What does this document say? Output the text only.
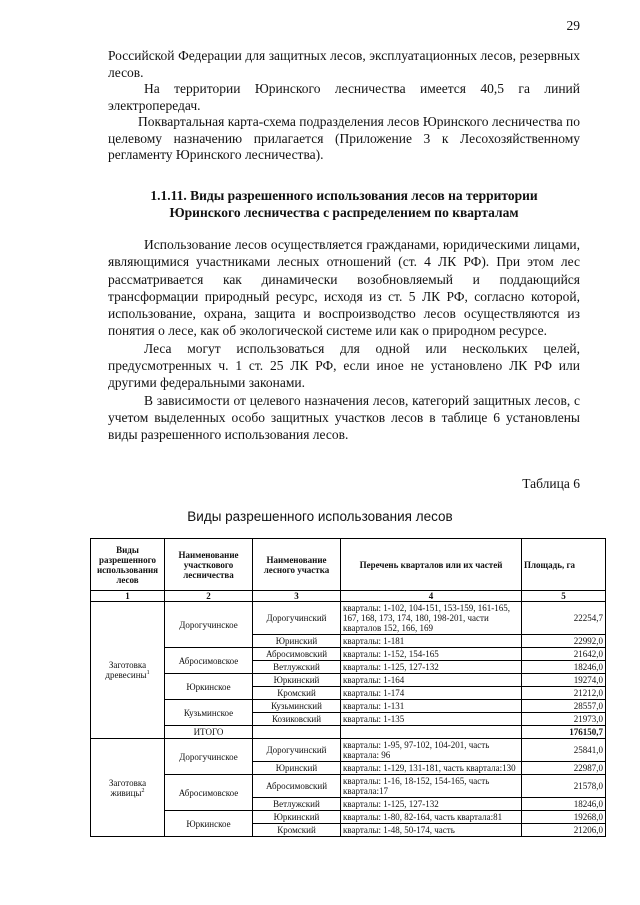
29

Российской Федерации для защитных лесов, эксплуатационных лесов, резервных лесов.

На территории Юринского лесничества имеется 40,5 га линий электропередач.

Поквартальная карта-схема подразделения лесов Юринского лесничества по целевому назначению прилагается (Приложение 3 к Лесохозяйственному регламенту Юринского лесничества).

1.1.11. Виды разрешенного использования лесов на территории
Юринского лесничества с распределением по кварталам

Использование лесов осуществляется гражданами, юридическими лицами, являющимися участниками лесных отношений (ст. 4 ЛК РФ). При этом лес рассматривается как динамически возобновляемый и поддающийся трансформации природный ресурс, исходя из ст. 5 ЛК РФ, согласно которой, использование, охрана, защита и воспроизводство лесов осуществляются из понятия о лесе, как об экологической системе или как о природном ресурсе.

Леса могут использоваться для одной или нескольких целей, предусмотренных ч. 1 ст. 25 ЛК РФ, если иное не установлено ЛК РФ или другими федеральными законами.

В зависимости от целевого назначения лесов, категорий защитных лесов, с учетом выделенных особо защитных участков лесов в таблице 6 установлены виды разрешенного использования лесов.

Таблица 6
Виды разрешенного использования лесов
Виды разрешенного использования лесов	Наименование участкового лесничества	Наименование лесного участка	Перечень кварталов или их частей	Площадь, га
1	2	3	4	5
Заготовка древесины$^1$	Дорогучинское	Дорогучинский	кварталы: 1-102, 104-151, 153-159, 161-165, 167, 168, 173, 174, 180, 198-201, части кварталов 152, 166, 169	22254,7
		Юринский	кварталы: 1-181	22992,0
	Абросимовское	Абросимовский	кварталы: 1-152, 154-165	21642,0
		Ветлужский	кварталы: 1-125, 127-132	18246,0
	Юркинское	Юркинский	кварталы: 1-164	19274,0
		Кромский	кварталы: 1-174	21212,0
	Кузьминское	Кузьминский	кварталы: 1-131	28557,0
		Козиковский	кварталы: 1-135	21973,0
	ИТОГО			176150,7
Заготовка живицы$^2$	Дорогучинское	Дорогучинский	кварталы: 1-95, 97-102, 104-201, часть квартала: 96	25841,0
		Юринский	кварталы: 1-129, 131-181, часть квартала:130	22987,0
	Абросимовское	Абросимовский	кварталы: 1-16, 18-152, 154-165, часть квартала:17	21578,0
		Ветлужский	кварталы: 1-125, 127-132	18246,0
	Юркинское	Юркинский	кварталы: 1-80, 82-164, часть квартала:81	19268,0
		Кромский	кварталы: 1-48, 50-174, часть	21206,0
